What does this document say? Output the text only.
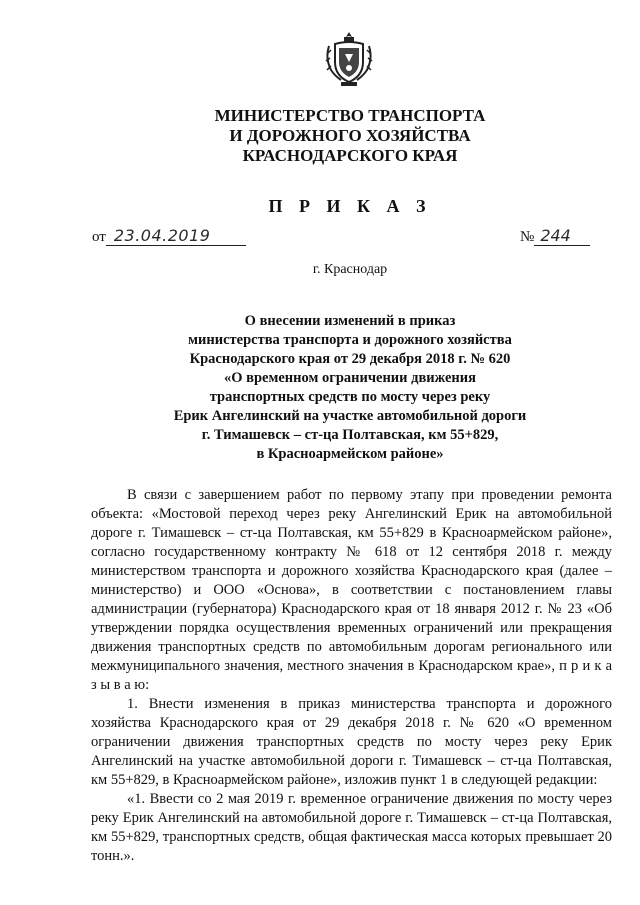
МИНИСТЕРСТВО ТРАНСПОРТА
И ДОРОЖНОГО ХОЗЯЙСТВА
КРАСНОДАРСКОГО КРАЯ
П Р И К А З
от 23.04.2019	№ 244
г. Краснодар
О внесении изменений в приказ
министерства транспорта и дорожного хозяйства
Краснодарского края от 29 декабря 2018 г. № 620
«О временном ограничении движения
транспортных средств по мосту через реку
Ерик Ангелинский на участке автомобильной дороги
г. Тимашевск – ст-ца Полтавская, км 55+829,
в Красноармейском районе»

В связи с завершением работ по первому этапу при проведении ремонта объекта: «Мостовой переход через реку Ангелинский Ерик на автомобильной дороге г. Тимашевск – ст-ца Полтавская, км 55+829 в Красноармейском районе», согласно государственному контракту № 618 от 12 сентября 2018 г. между министерством транспорта и дорожного хозяйства Краснодарского края (далее – министерство) и ООО «Основа», в соответствии с постановлением главы администрации (губернатора) Краснодарского края от 18 января 2012 г. № 23 «Об утверждении порядка осуществления временных ограничений или прекращения движения транспортных средств по автомобильным дорогам регионального или межмуниципального значения, местного значения в Краснодарском крае», п р и к а з ы в а ю:

1. Внести изменения в приказ министерства транспорта и дорожного хозяйства Краснодарского края от 29 декабря 2018 г. № 620 «О временном ограничении движения транспортных средств по мосту через реку Ерик Ангелинский на участке автомобильной дороги г. Тимашевск – ст-ца Полтавская, км 55+829, в Красноармейском районе», изложив пункт 1 в следующей редакции:

«1. Ввести со 2 мая 2019 г. временное ограничение движения по мосту через реку Ерик Ангелинский на автомобильной дороге г. Тимашевск – ст-ца Полтавская, км 55+829, транспортных средств, общая фактическая масса которых превышает 20 тонн.».
